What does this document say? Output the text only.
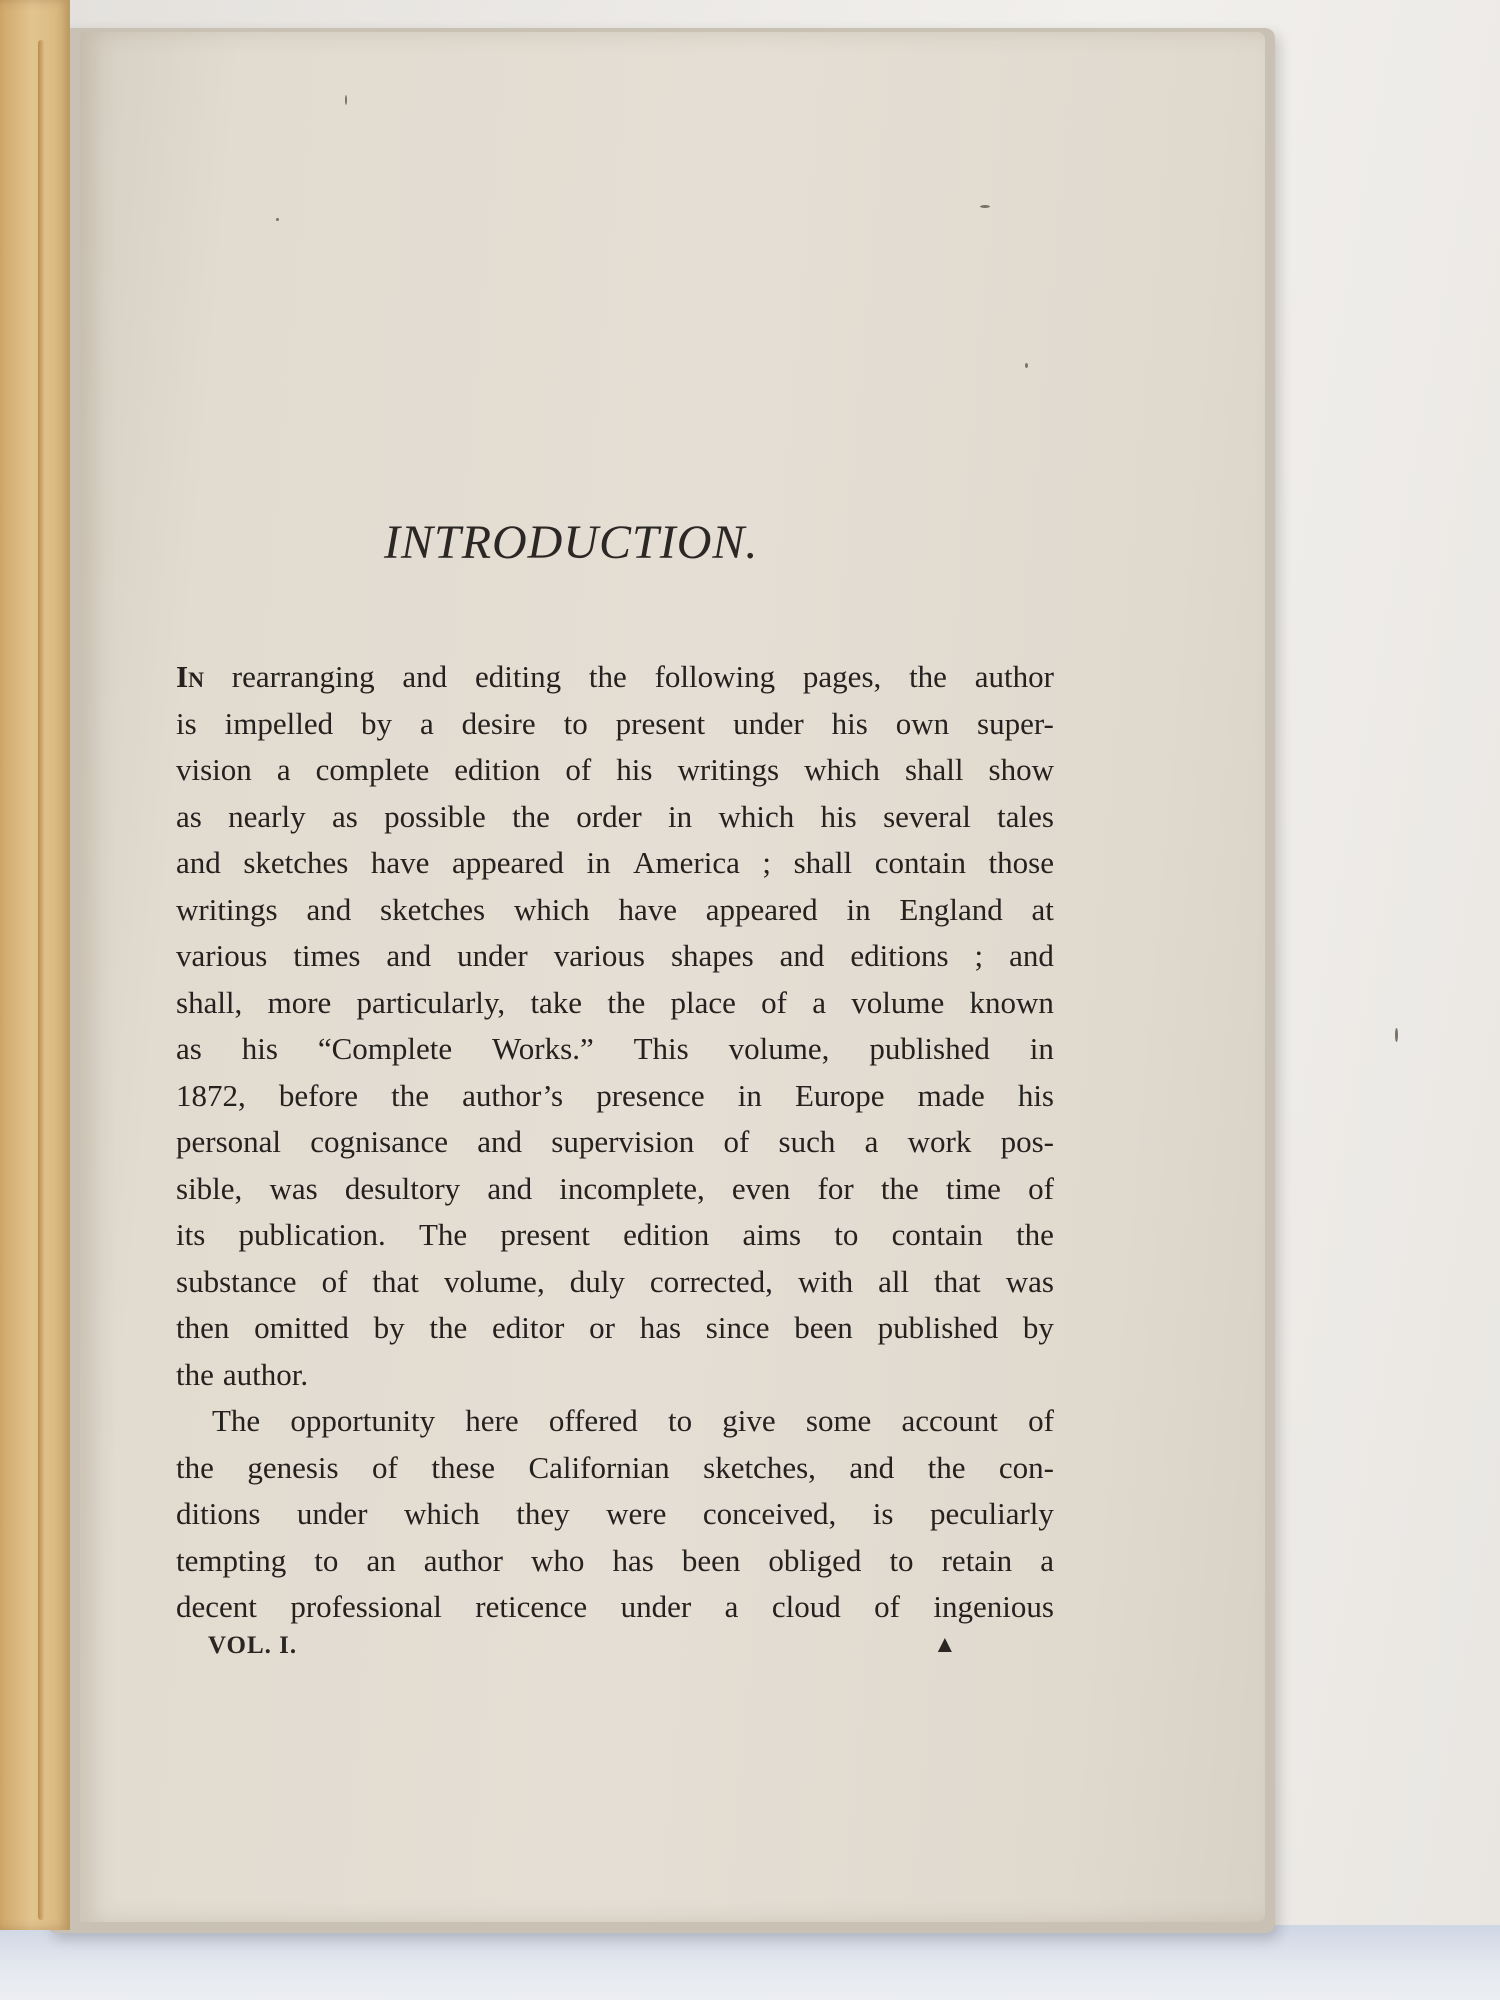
INTRODUCTION.
In rearranging and editing the following pages, the author
is impelled by a desire to present under his own super-
vision a complete edition of his writings which shall show
as nearly as possible the order in which his several tales
and sketches have appeared in America ; shall contain those
writings and sketches which have appeared in England at
various times and under various shapes and editions ; and
shall, more particularly, take the place of a volume known
as his “Complete Works.” This volume, published in
1872, before the author’s presence in Europe made his
personal cognisance and supervision of such a work pos-
sible, was desultory and incomplete, even for the time of
its publication. The present edition aims to contain the
substance of that volume, duly corrected, with all that was
then omitted by the editor or has since been published by
the author.
The opportunity here offered to give some account of
the genesis of these Californian sketches, and the con-
ditions under which they were conceived, is peculiarly
tempting to an author who has been obliged to retain a
decent professional reticence under a cloud of ingenious
VOL. I.	▲
